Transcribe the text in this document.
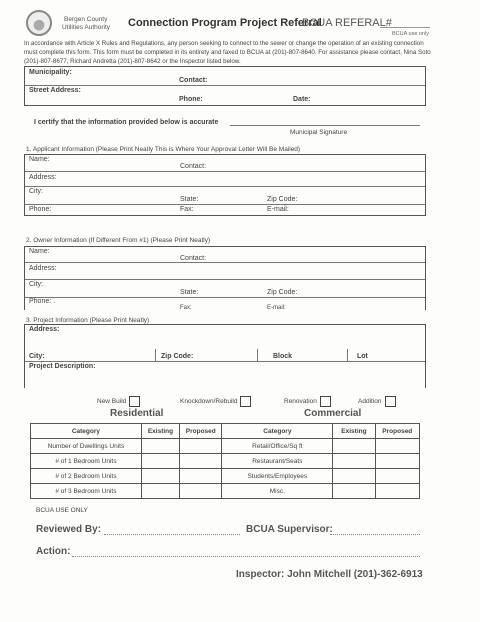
Bergen County
Utilities Authority Connection Program Project Referral
BCUA REFERAL#
BCUA use only
In accordance with Article X Rules and Regulations, any person seeking to connect to the sewer or change the operation of an existing connection must complete this form. This form must be completed in its entirety and faxed to BCUA at (201)-807-8640. For assistance please contact, Nina Soto (201)-807-8677, Richard Andretta (201)-807-8642 or the Inspector listed below.
Municipality:
Contact:
Street Address:
Phone:	Date:
I certify that the information provided below is accurate
Municipal Signature
1. Applicant Information (Please Print Neatly This is Where Your Approval Letter Will Be Mailed)
Name:
Contact:
Address:
City:
State:	Zip Code:
Phone:	Fax:	E-mail:
2. Owner Information (If Different From #1) (Please Print Neatly)
Name:
Contact:
Address:
City:
State:	Zip Code:
Phone: .
Fax:	E-mail:
3. Project Information (Please Print Neatly)
Address:
City:	Zip Code:	Block	Lot
Project Description:
New Build	Knockdown/Rebuild	Renovation	Addition
Residential	Commercial
Category	Existing	Proposed	Category	Existing	Proposed
Number of Dwellings Units			Retail/Office/Sq ft		
# of 1 Bedroom Units			Restaurant/Seats		
# of 2 Bedroom Units			Students/Employees		
# of 3 Bedroom Units			Misc.		
BCUA USE ONLY
Reviewed By:	BCUA Supervisor:
Action:
Inspector: John Mitchell (201)-362-6913
